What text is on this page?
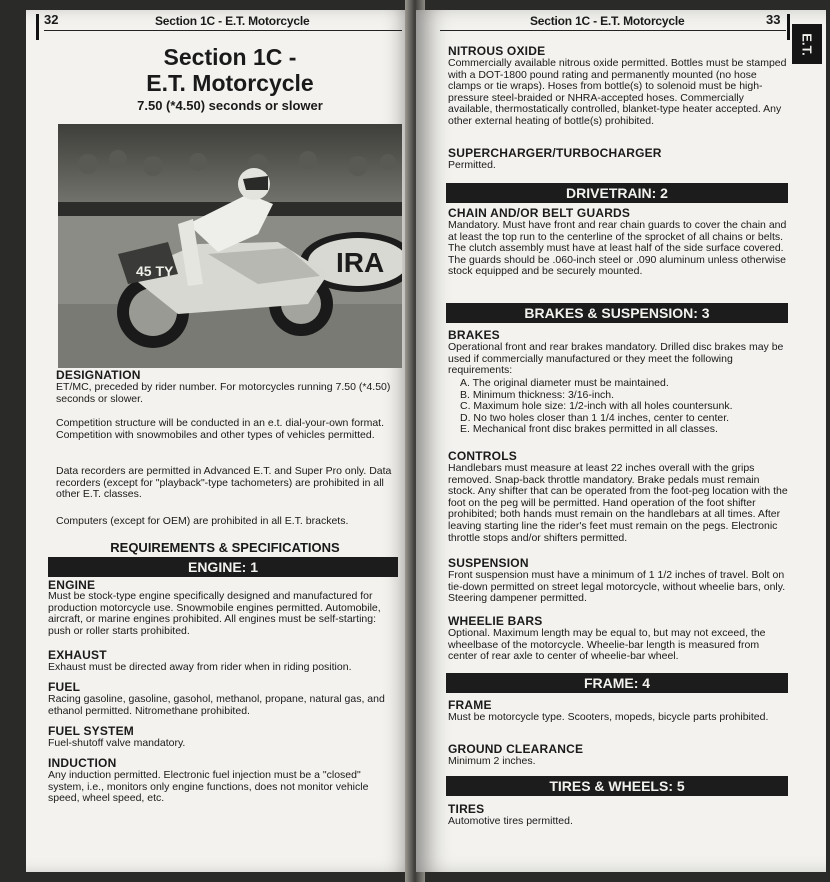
32	Section 1C - E.T. Motorcycle
Section 1C -
E.T. Motorcycle
7.50 (*4.50) seconds or slower
IRA
45 TY
DESIGNATION
ET/MC, preceded by rider number. For motorcycles running 7.50 (*4.50) seconds or slower.
Competition structure will be conducted in an e.t. dial-your-own format. Competition with snowmobiles and other types of vehicles permitted.
Data recorders are permitted in Advanced E.T. and Super Pro only. Data recorders (except for "playback"-type tachometers) are prohibited in all other E.T. classes.
Computers (except for OEM) are prohibited in all E.T. brackets.
REQUIREMENTS & SPECIFICATIONS
ENGINE: 1
ENGINE
Must be stock-type engine specifically designed and manufactured for production motorcycle use. Snowmobile engines permitted. Automobile, aircraft, or marine engines prohibited. All engines must be self-starting: push or roller starts prohibited.
EXHAUST
Exhaust must be directed away from rider when in riding position.
FUEL
Racing gasoline, gasoline, gasohol, methanol, propane, natural gas, and ethanol permitted. Nitromethane prohibited.
FUEL SYSTEM
Fuel-shutoff valve mandatory.
INDUCTION
Any induction permitted. Electronic fuel injection must be a "closed" system, i.e., monitors only engine functions, does not monitor vehicle speed, wheel speed, etc.
Section 1C - E.T. Motorcycle	33
E.T.
NITROUS OXIDE
Commercially available nitrous oxide permitted. Bottles must be stamped with a DOT-1800 pound rating and permanently mounted (no hose clamps or tie wraps). Hoses from bottle(s) to solenoid must be high-pressure steel-braided or NHRA-accepted hoses. Commercially available, thermostatically controlled, blanket-type heater accepted. Any other external heating of bottle(s) prohibited.
SUPERCHARGER/TURBOCHARGER
Permitted.
DRIVETRAIN: 2
CHAIN AND/OR BELT GUARDS
Mandatory. Must have front and rear chain guards to cover the chain and at least the top run to the centerline of the sprocket of all chains or belts. The clutch assembly must have at least half of the side surface covered. The guards should be .060-inch steel or .090 aluminum unless otherwise stock equipped and be securely mounted.
BRAKES & SUSPENSION: 3
BRAKES
Operational front and rear brakes mandatory. Drilled disc brakes may be used if commercially manufactured or they meet the following requirements:
A. The original diameter must be maintained.
B. Minimum thickness: 3/16-inch.
C. Maximum hole size: 1/2-inch with all holes countersunk.
D. No two holes closer than 1 1/4 inches, center to center.
E. Mechanical front disc brakes permitted in all classes.
CONTROLS
Handlebars must measure at least 22 inches overall with the grips removed. Snap-back throttle mandatory. Brake pedals must remain stock. Any shifter that can be operated from the foot-peg location with the foot on the peg will be permitted. Hand operation of the foot shifter prohibited; both hands must remain on the handlebars at all times. After leaving starting line the rider's feet must remain on the pegs. Electronic throttle stops and/or shifters permitted.
SUSPENSION
Front suspension must have a minimum of 1 1/2 inches of travel. Bolt on tie-down permitted on street legal motorcycle, without wheelie bars, only. Steering dampener permitted.
WHEELIE BARS
Optional. Maximum length may be equal to, but may not exceed, the wheelbase of the motorcycle. Wheelie-bar length is measured from center of rear axle to center of wheelie-bar wheel.
FRAME: 4
FRAME
Must be motorcycle type. Scooters, mopeds, bicycle parts prohibited.
GROUND CLEARANCE
Minimum 2 inches.
TIRES & WHEELS: 5
TIRES
Automotive tires permitted.
